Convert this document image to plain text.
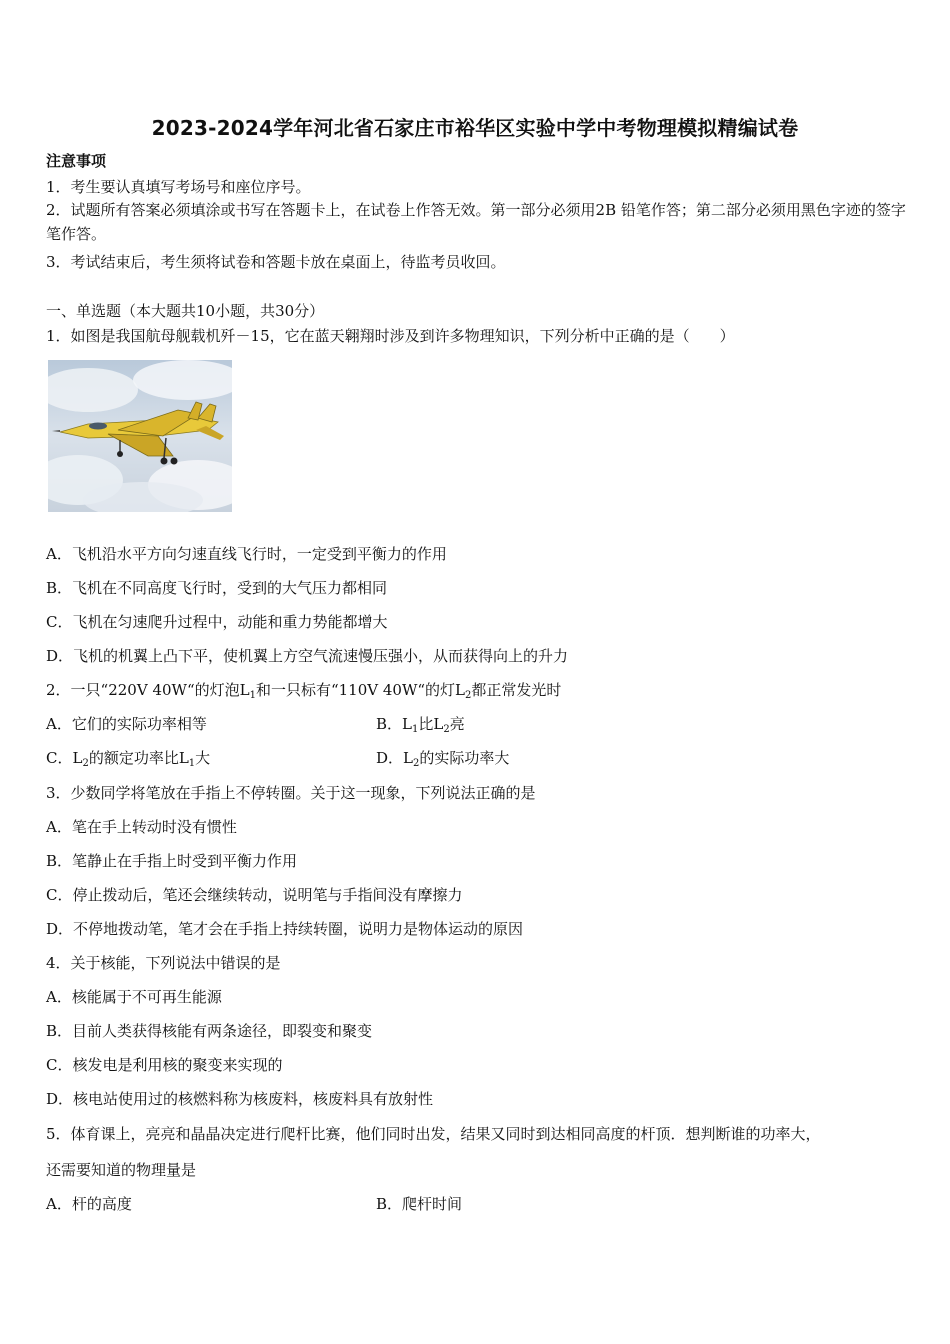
2023-2024学年河北省石家庄市裕华区实验中学中考物理模拟精编试卷
注意事项
1．考生要认真填写考场号和座位序号。
2．试题所有答案必须填涂或书写在答题卡上，在试卷上作答无效。第一部分必须用2B 铅笔作答；第二部分必须用黑色字迹的签字笔作答。
3．考试结束后，考生须将试卷和答题卡放在桌面上，待监考员收回。
一、单选题（本大题共10小题，共30分）
1．如图是我国航母舰载机歼－15，它在蓝天翱翔时涉及到许多物理知识，下列分析中正确的是（　　）
A．飞机沿水平方向匀速直线飞行时，一定受到平衡力的作用
B．飞机在不同高度飞行时，受到的大气压力都相同
C．飞机在匀速爬升过程中，动能和重力势能都增大
D．飞机的机翼上凸下平，使机翼上方空气流速慢压强小，从而获得向上的升力
2．一只“220V 40W“的灯泡$L_1$和一只标有“110V 40W“的灯$L_2$都正常发光时
A．它们的实际功率相等	B．$L_1$比$L_2$亮
C．$L_2$的额定功率比$L_1$大	D．$L_2$的实际功率大
3．少数同学将笔放在手指上不停转圈。关于这一现象，下列说法正确的是
A．笔在手上转动时没有惯性
B．笔静止在手指上时受到平衡力作用
C．停止拨动后，笔还会继续转动，说明笔与手指间没有摩擦力
D．不停地拨动笔，笔才会在手指上持续转圈，说明力是物体运动的原因
4．关于核能，下列说法中错误的是
A．核能属于不可再生能源
B．目前人类获得核能有两条途径，即裂变和聚变
C．核发电是利用核的聚变来实现的
D．核电站使用过的核燃料称为核废料，核废料具有放射性
5．体育课上，亮亮和晶晶决定进行爬杆比赛，他们同时出发，结果又同时到达相同高度的杆顶．想判断谁的功率大，
还需要知道的物理量是
A．杆的高度	B．爬杆时间
